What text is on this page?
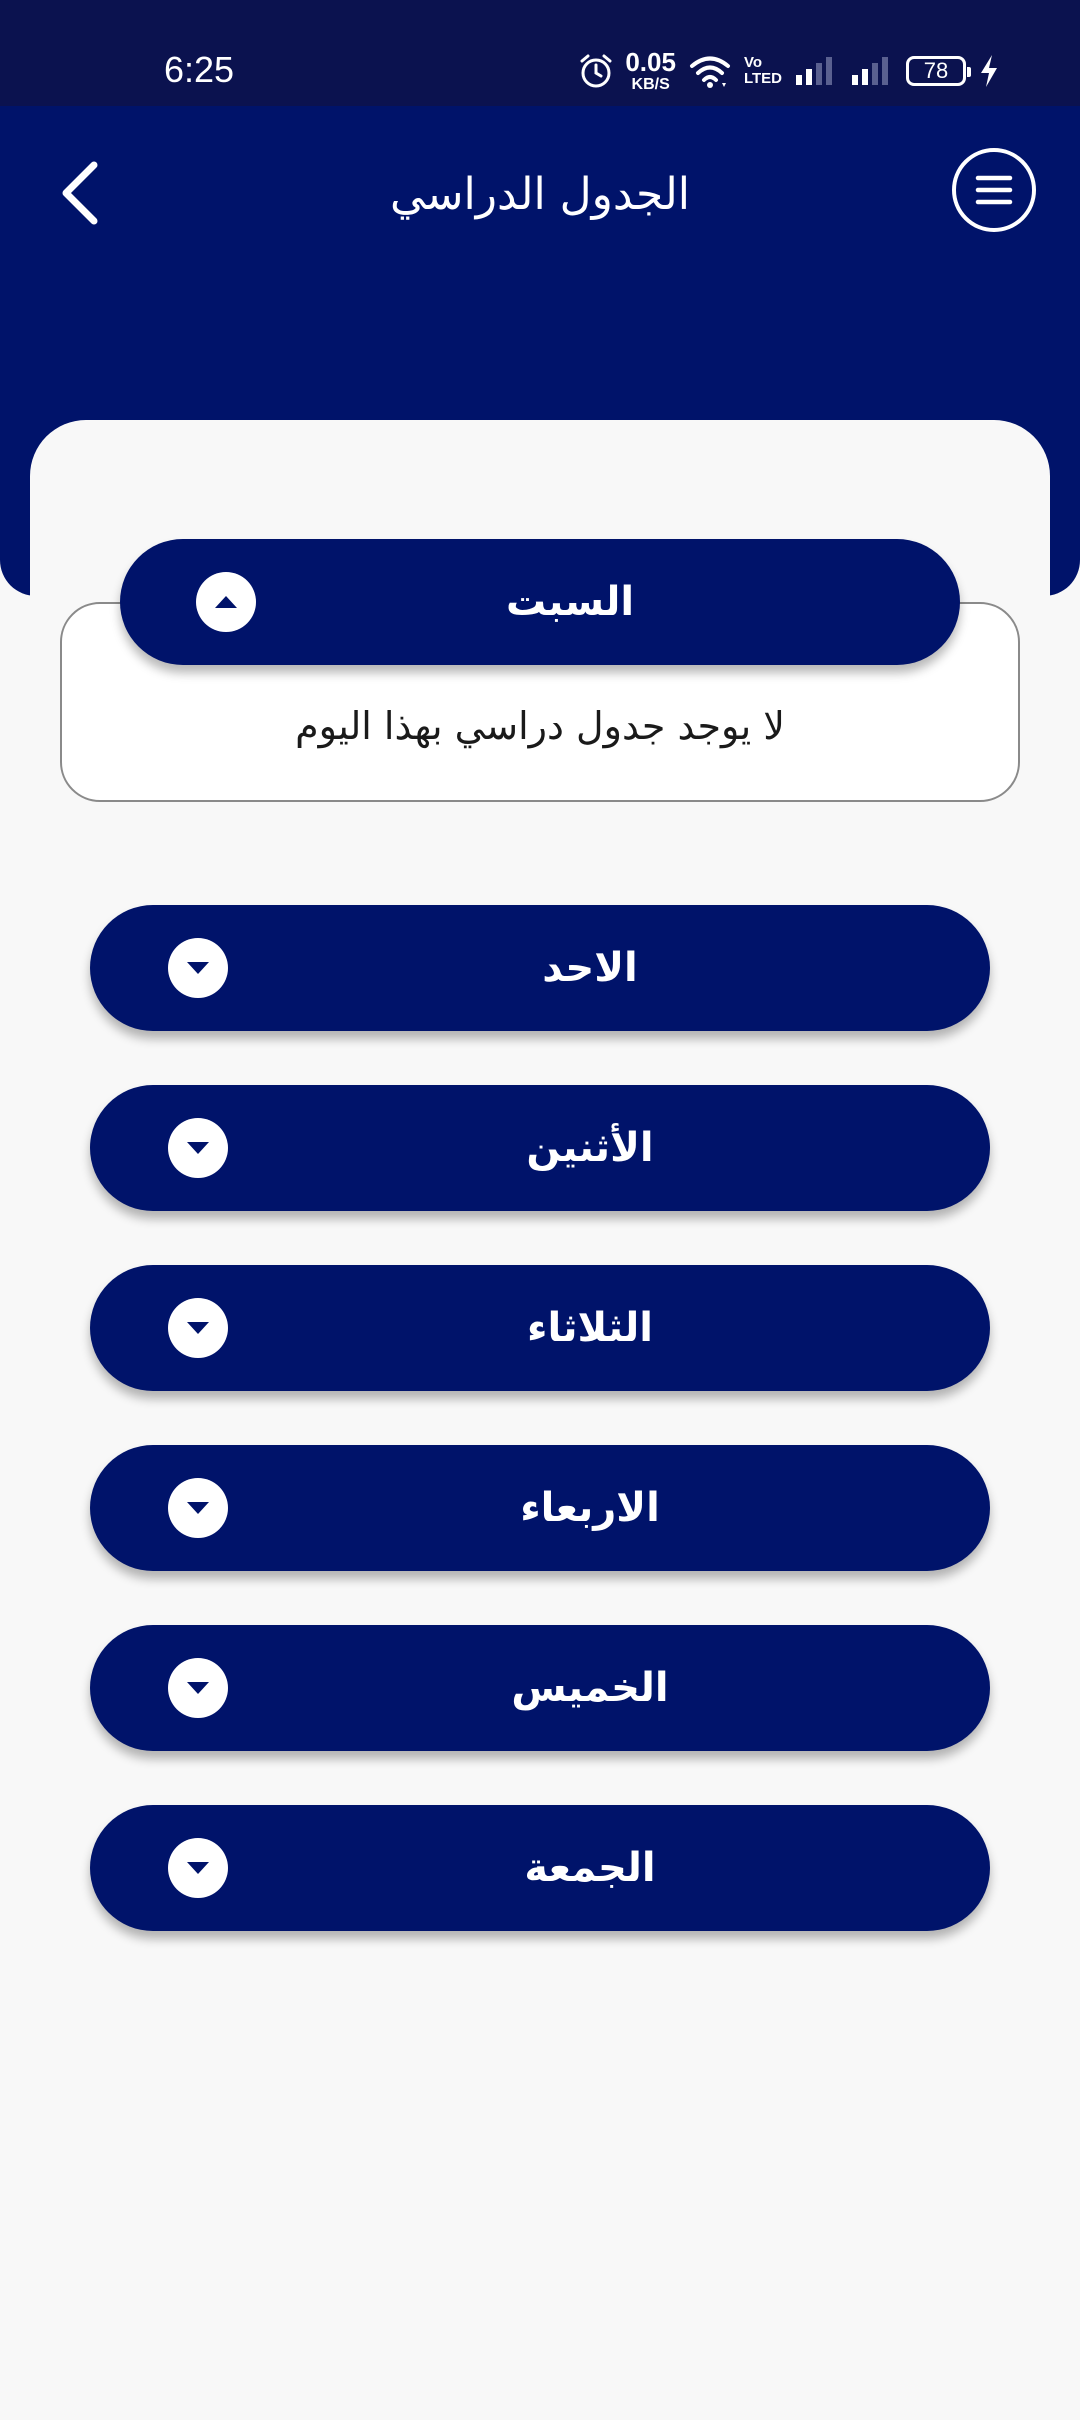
6:25	0.05
KB/S
Vo
LTED	78
الجدول الدراسي
لا يوجد جدول دراسي بهذا اليوم
السبت
الاحد
الأثنين
الثلاثاء
الاربعاء
الخميس
الجمعة
